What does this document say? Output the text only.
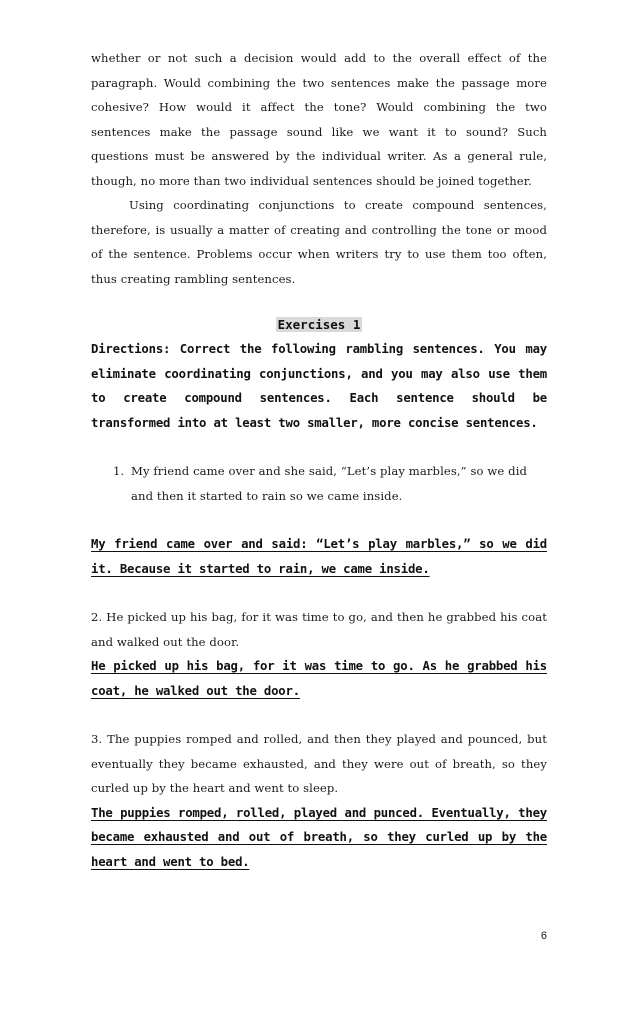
whether or not such a decision would add to the overall effect of the paragraph. Would combining the two sentences make the passage more cohesive? How would it affect the tone? Would combining the two sentences make the passage sound like we want it to sound? Such questions must be answered by the individual writer. As a general rule, though, no more than two individual sentences should be joined together.

Using coordinating conjunctions to create compound sentences, therefore, is usually a matter of creating and controlling the tone or mood of the sentence. Problems occur when writers try to use them too often, thus creating rambling sentences.

Exercises 1

Directions: Correct the following rambling sentences. You may eliminate coordinating conjunctions, and you may also use them to create compound sentences. Each sentence should be transformed into at least two smaller, more concise sentences.

1. My friend came over and she said, “Let’s play marbles,” so we did and then it started to rain so we came inside.

My friend came over and said: “Let’s play marbles,” so we did it. Because it started to rain, we came inside.

2. He picked up his bag, for it was time to go, and then he grabbed his coat and walked out the door.

He picked up his bag, for it was time to go. As he grabbed his coat, he walked out the door.

3. The puppies romped and rolled, and then they played and pounced, but eventually they became exhausted, and they were out of breath, so they curled up by the heart and went to sleep.

The puppies romped, rolled, played and punced. Eventually, they became exhausted and out of breath, so they curled up by the heart and went to bed.

6
